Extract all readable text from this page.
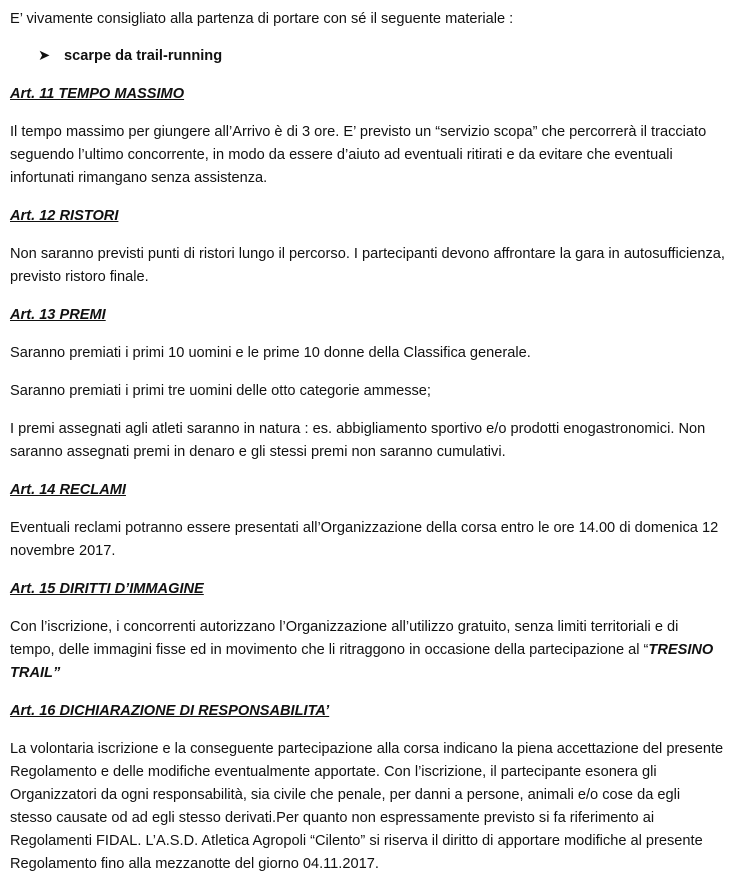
E’ vivamente consigliato alla partenza di portare con sé il seguente materiale :

➤ scarpe da trail-running

Art. 11 TEMPO MASSIMO

Il tempo massimo per giungere all’Arrivo è di 3 ore. E’ previsto un “servizio scopa” che percorrerà il tracciato seguendo l’ultimo concorrente, in modo da essere d’aiuto ad eventuali ritirati e da evitare che eventuali infortunati rimangano senza assistenza.

Art. 12 RISTORI

Non saranno previsti punti di ristori lungo il percorso. I partecipanti devono affrontare la gara in autosufficienza, previsto ristoro finale.

Art. 13 PREMI

Saranno premiati i primi 10 uomini e le prime 10 donne della Classifica generale.

Saranno premiati i primi tre uomini delle otto categorie ammesse;

I premi assegnati agli atleti saranno in natura : es. abbigliamento sportivo e/o prodotti enogastronomici. Non saranno assegnati premi in denaro e gli stessi premi non saranno cumulativi.

Art. 14 RECLAMI

Eventuali reclami potranno essere presentati all’Organizzazione della corsa entro le ore 14.00 di domenica 12 novembre 2017.

Art. 15 DIRITTI D’IMMAGINE

Con l’iscrizione, i concorrenti autorizzano l’Organizzazione all’utilizzo gratuito, senza limiti territoriali e di tempo, delle immagini fisse ed in movimento che li ritraggono in occasione della partecipazione al “TRESINO TRAIL”

Art. 16 DICHIARAZIONE DI RESPONSABILITA’

La volontaria iscrizione e la conseguente partecipazione alla corsa indicano la piena accettazione del presente Regolamento e delle modifiche eventualmente apportate. Con l’iscrizione, il partecipante esonera gli Organizzatori da ogni responsabilità, sia civile che penale, per danni a persone, animali e/o cose da egli stesso causate od ad egli stesso derivati.Per quanto non espressamente previsto si fa riferimento ai Regolamenti FIDAL. L’A.S.D. Atletica Agropoli “Cilento” si riserva il diritto di apportare modifiche al presente Regolamento fino alla mezzanotte del giorno 04.11.2017.
